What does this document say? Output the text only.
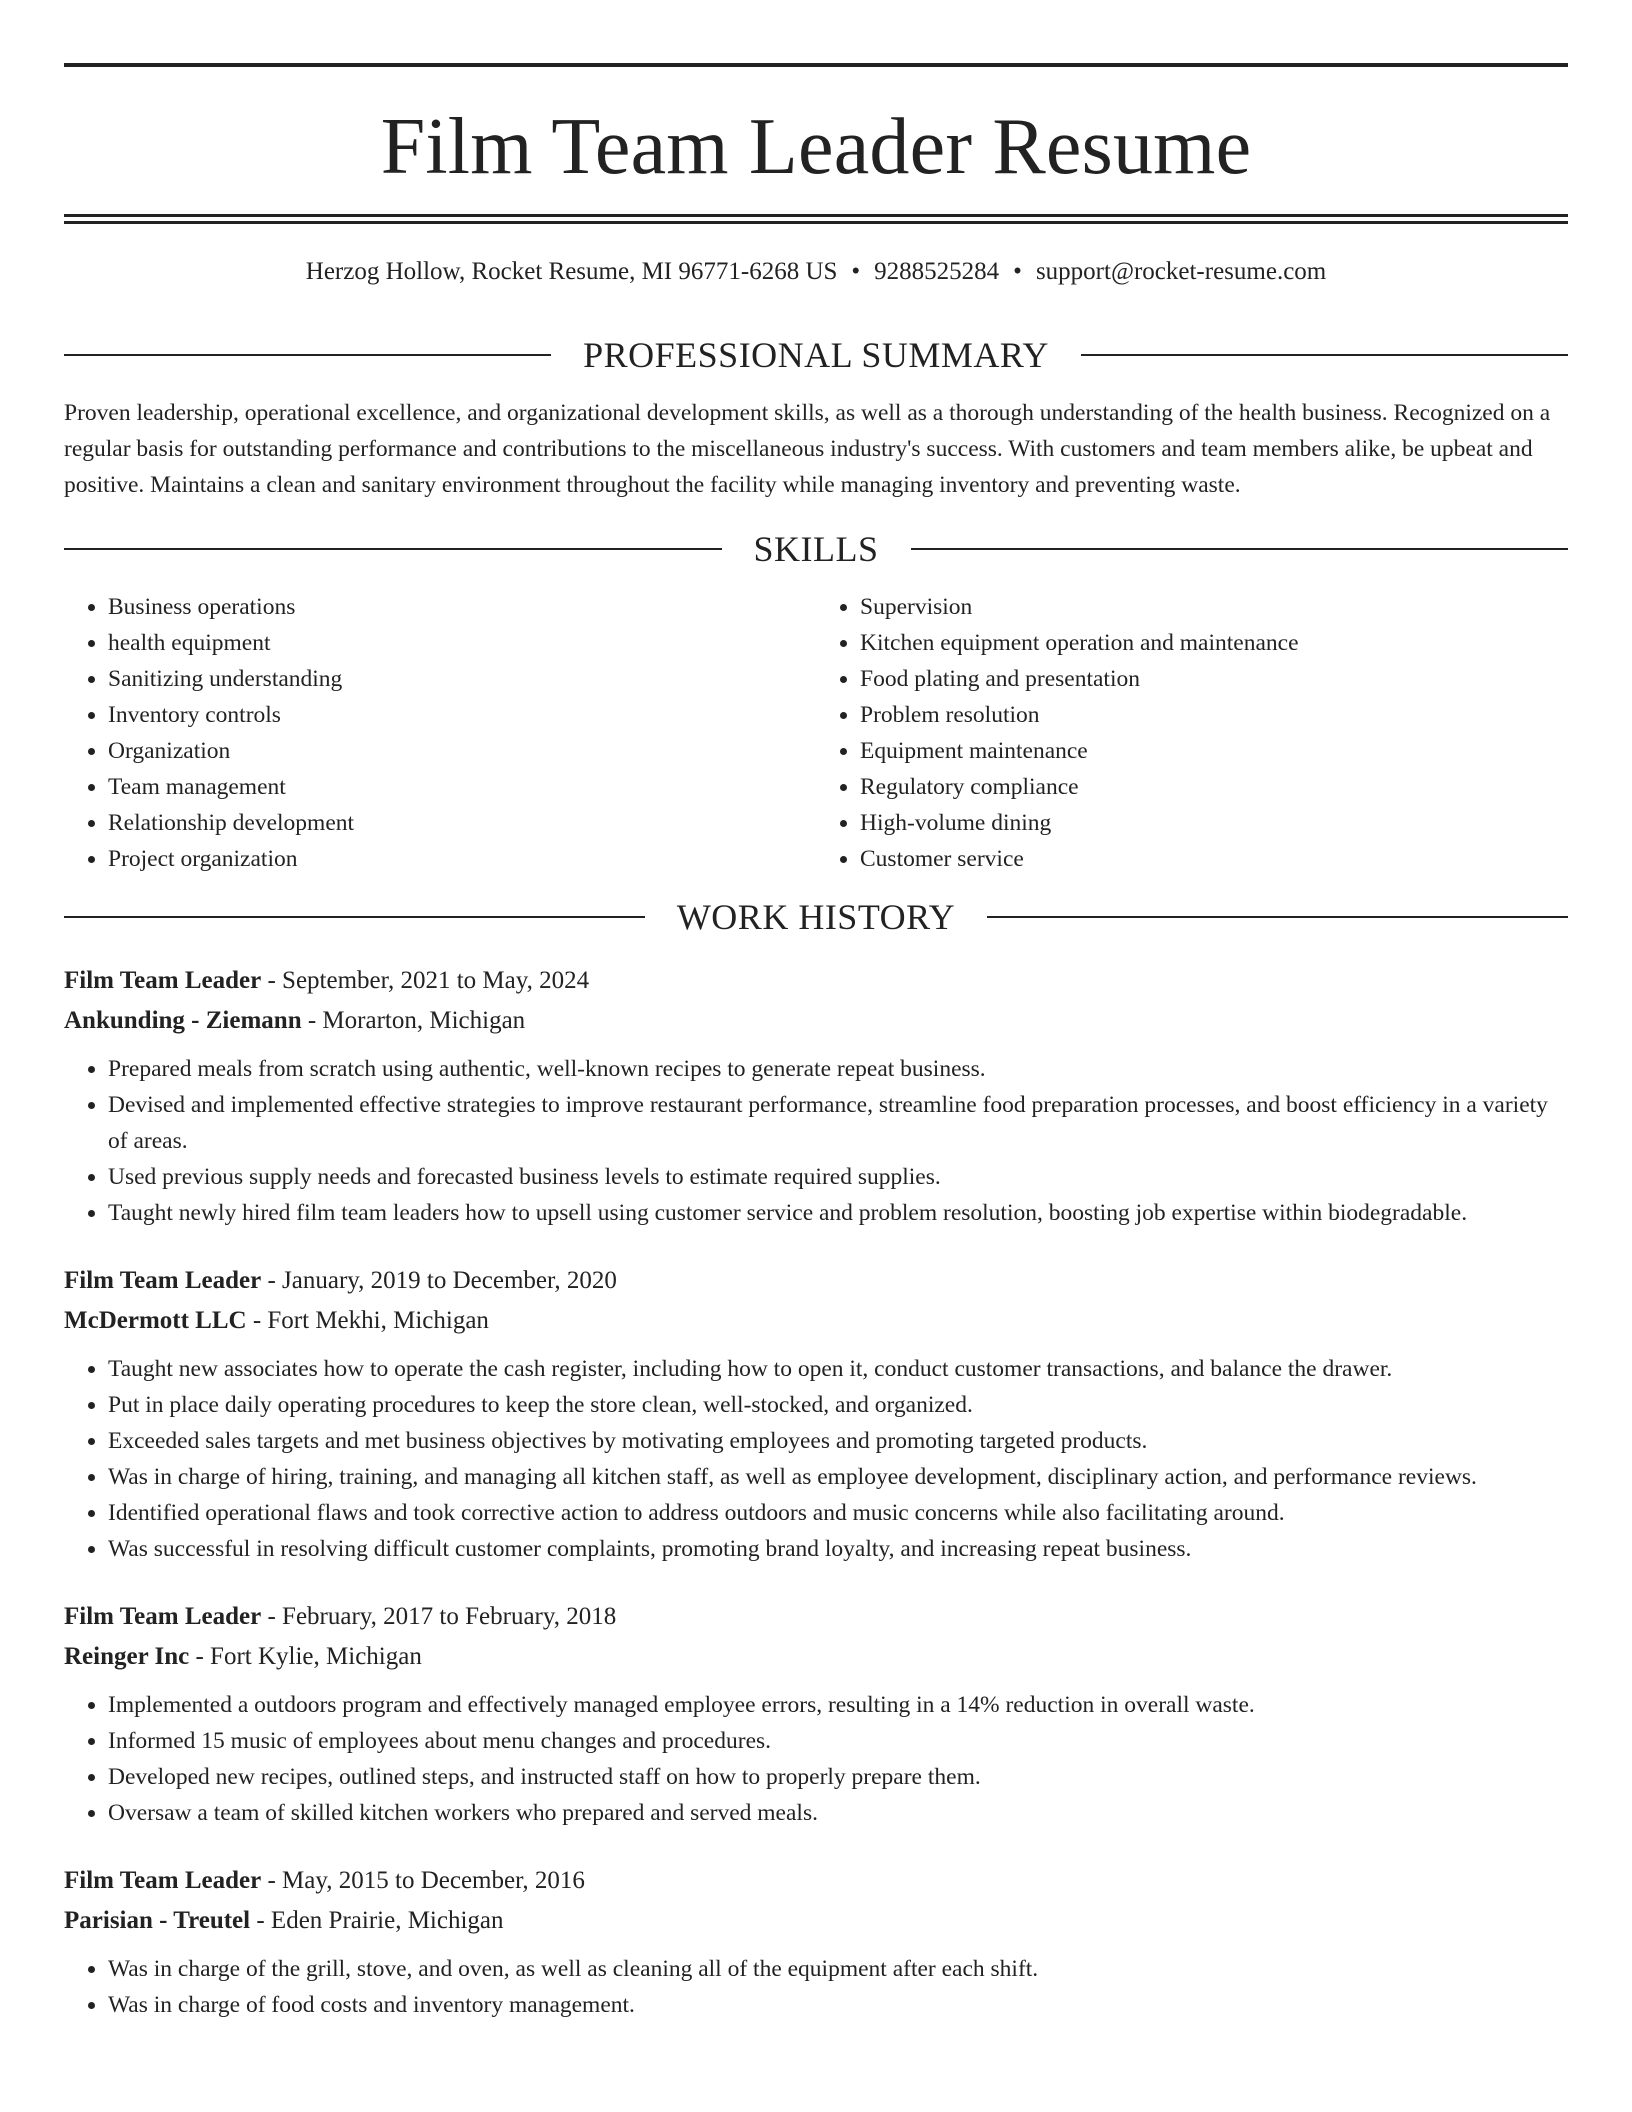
Film Team Leader Resume
Herzog Hollow, Rocket Resume, MI 96771-6268 US • 9288525284 • support@rocket-resume.com
PROFESSIONAL SUMMARY

Proven leadership, operational excellence, and organizational development skills, as well as a thorough understanding of the health business. Recognized on a regular basis for outstanding performance and contributions to the miscellaneous industry's success. With customers and team members alike, be upbeat and positive. Maintains a clean and sanitary environment throughout the facility while managing inventory and preventing waste.

SKILLS
• Business operations
• health equipment
• Sanitizing understanding
• Inventory controls
• Organization
• Team management
• Relationship development
• Project organization
• Supervision
• Kitchen equipment operation and maintenance
• Food plating and presentation
• Problem resolution
• Equipment maintenance
• Regulatory compliance
• High-volume dining
• Customer service
WORK HISTORY
Film Team Leader - September, 2021 to May, 2024
Ankunding - Ziemann - Morarton, Michigan
• Prepared meals from scratch using authentic, well-known recipes to generate repeat business.
• Devised and implemented effective strategies to improve restaurant performance, streamline food preparation processes, and boost efficiency in a variety of areas.
• Used previous supply needs and forecasted business levels to estimate required supplies.
• Taught newly hired film team leaders how to upsell using customer service and problem resolution, boosting job expertise within biodegradable.
Film Team Leader - January, 2019 to December, 2020
McDermott LLC - Fort Mekhi, Michigan
• Taught new associates how to operate the cash register, including how to open it, conduct customer transactions, and balance the drawer.
• Put in place daily operating procedures to keep the store clean, well-stocked, and organized.
• Exceeded sales targets and met business objectives by motivating employees and promoting targeted products.
• Was in charge of hiring, training, and managing all kitchen staff, as well as employee development, disciplinary action, and performance reviews.
• Identified operational flaws and took corrective action to address outdoors and music concerns while also facilitating around.
• Was successful in resolving difficult customer complaints, promoting brand loyalty, and increasing repeat business.
Film Team Leader - February, 2017 to February, 2018
Reinger Inc - Fort Kylie, Michigan
• Implemented a outdoors program and effectively managed employee errors, resulting in a 14% reduction in overall waste.
• Informed 15 music of employees about menu changes and procedures.
• Developed new recipes, outlined steps, and instructed staff on how to properly prepare them.
• Oversaw a team of skilled kitchen workers who prepared and served meals.
Film Team Leader - May, 2015 to December, 2016
Parisian - Treutel - Eden Prairie, Michigan
• Was in charge of the grill, stove, and oven, as well as cleaning all of the equipment after each shift.
• Was in charge of food costs and inventory management.
